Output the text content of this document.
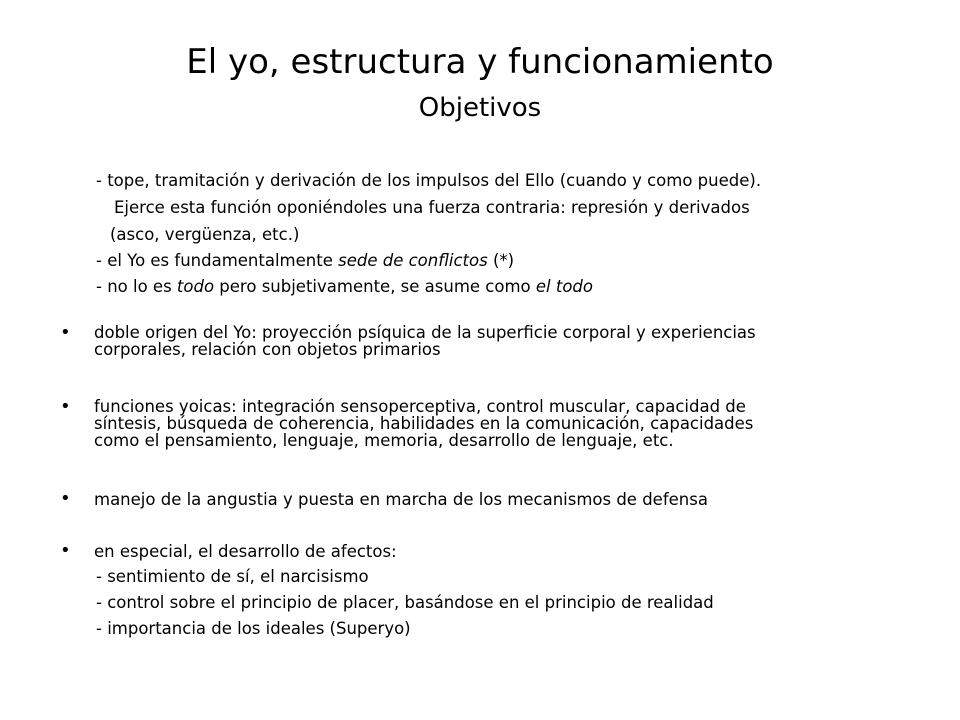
El yo, estructura y funcionamiento
Objetivos
- tope, tramitación y derivación de los impulsos del Ello (cuando y como puede).
Ejerce esta función oponiéndoles una fuerza contraria: represión y derivados
(asco, vergüenza, etc.)
- el Yo es fundamentalmente sede de conflictos (*)
- no lo es todo pero subjetivamente, se asume como el todo
• doble origen del Yo: proyección psíquica de la superficie corporal y experiencias
corporales, relación con objetos primarios
• funciones yoicas: integración sensoperceptiva, control muscular, capacidad de
síntesis, búsqueda de coherencia, habilidades en la comunicación, capacidades
como el pensamiento, lenguaje, memoria, desarrollo de lenguaje, etc.
• manejo de la angustia y puesta en marcha de los mecanismos de defensa
• en especial, el desarrollo de afectos:
- sentimiento de sí, el narcisismo
- control sobre el principio de placer, basándose en el principio de realidad
- importancia de los ideales (Superyo)
